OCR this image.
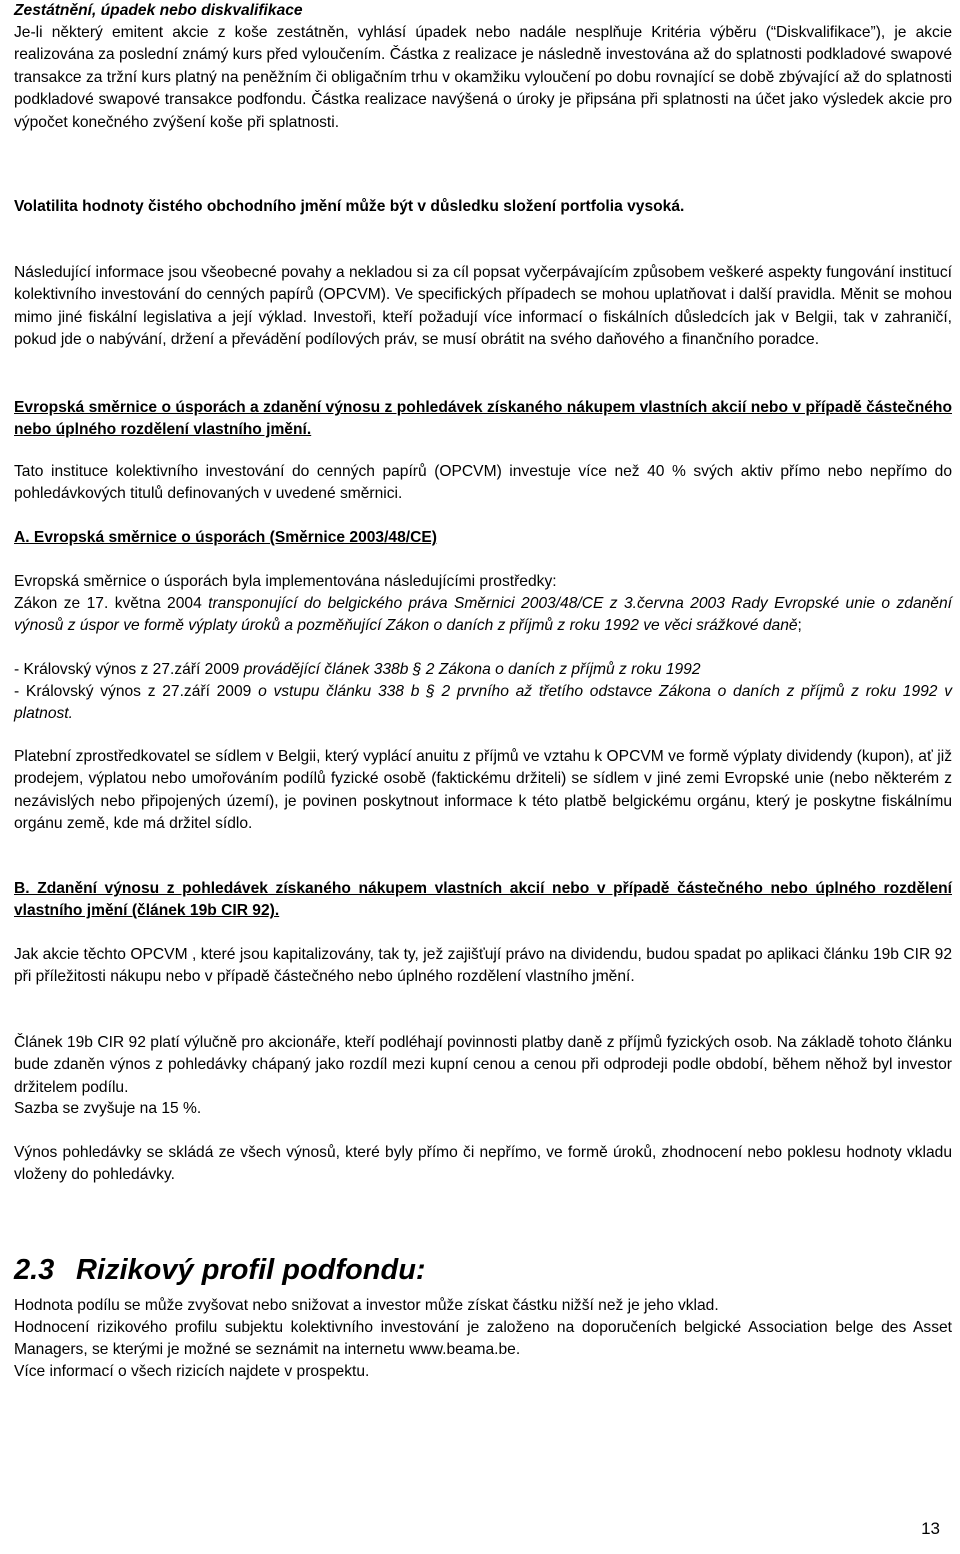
Zestátnění, úpadek nebo diskvalifikace

Je-li některý emitent akcie z koše zestátněn, vyhlásí úpadek nebo nadále nesplňuje Kritéria výběru (“Diskvalifikace”), je akcie realizována za poslední známý kurs před vyloučením. Částka z realizace je následně investována až do splatnosti podkladové swapové transakce za tržní kurs platný na peněžním či obligačním trhu v okamžiku vyloučení po dobu rovnající se době zbývající až do splatnosti podkladové swapové transakce podfondu. Částka realizace navýšená o úroky je připsána při splatnosti na účet jako výsledek akcie pro výpočet konečného zvýšení koše při splatnosti.

Volatilita hodnoty čistého obchodního jmění může být v důsledku složení portfolia vysoká.

Následující informace jsou všeobecné povahy a nekladou si za cíl popsat vyčerpávajícím způsobem veškeré aspekty fungování institucí kolektivního investování do cenných papírů (OPCVM). Ve specifických případech se mohou uplatňovat i další pravidla. Měnit se mohou mimo jiné fiskální legislativa a její výklad. Investoři, kteří požadují více informací o fiskálních důsledcích jak v Belgii, tak v zahraničí, pokud jde o nabývání, držení a převádění podílových práv, se musí obrátit na svého daňového a finančního poradce.

Evropská směrnice o úsporách a zdanění výnosu z pohledávek získaného nákupem vlastních akcií nebo v případě částečného nebo úplného rozdělení vlastního jmění.

Tato instituce kolektivního investování do cenných papírů (OPCVM) investuje více než 40 % svých aktiv přímo nebo nepřímo do pohledávkových titulů definovaných v uvedené směrnici.

A. Evropská směrnice o úsporách (Směrnice 2003/48/CE)

Evropská směrnice o úsporách byla implementována následujícími prostředky:

Zákon ze 17. května 2004 transponující do belgického práva Směrnici 2003/48/CE z 3.června 2003 Rady Evropské unie o zdanění výnosů z úspor ve formě výplaty úroků a pozměňující Zákon o daních z příjmů z roku 1992 ve věci srážkové daně;

- Královský výnos z 27.září 2009 provádějící článek 338b § 2 Zákona o daních z příjmů z roku 1992

- Královský výnos z 27.září 2009 o vstupu článku 338 b § 2 prvního až třetího odstavce Zákona o daních z příjmů z roku 1992 v platnost.

Platební zprostředkovatel se sídlem v Belgii, který vyplácí anuitu z příjmů ve vztahu k OPCVM ve formě výplaty dividendy (kupon), ať již prodejem, výplatou nebo umořováním podílů fyzické osobě (faktickému držiteli) se sídlem v jiné zemi Evropské unie (nebo některém z nezávislých nebo připojených území), je povinen poskytnout informace k této platbě belgickému orgánu, který je poskytne fiskálnímu orgánu země, kde má držitel sídlo.

B. Zdanění výnosu z pohledávek získaného nákupem vlastních akcií nebo v případě částečného nebo úplného rozdělení vlastního jmění (článek 19b CIR 92).

Jak akcie těchto OPCVM , které jsou kapitalizovány, tak ty, jež zajišťují právo na dividendu, budou spadat po aplikaci článku 19b CIR 92 při příležitosti nákupu nebo v případě částečného nebo úplného rozdělení vlastního jmění.

Článek 19b CIR 92 platí výlučně pro akcionáře, kteří podléhají povinnosti platby daně z příjmů fyzických osob. Na základě tohoto článku bude zdaněn výnos z pohledávky chápaný jako rozdíl mezi kupní cenou a cenou při odprodeji podle období, během něhož byl investor držitelem podílu.

Sazba se zvyšuje na 15 %.

Výnos pohledávky se skládá ze všech výnosů, které byly přímo či nepřímo, ve formě úroků, zhodnocení nebo poklesu hodnoty vkladu vloženy do pohledávky.

2.3 Rizikový profil podfondu:

Hodnota podílu se může zvyšovat nebo snižovat a investor může získat částku nižší než je jeho vklad.

Hodnocení rizikového profilu subjektu kolektivního investování je založeno na doporučeních belgické Association belge des Asset Managers, se kterými je možné se seznámit na internetu www.beama.be.

Více informací o všech rizicích najdete v prospektu.

13
